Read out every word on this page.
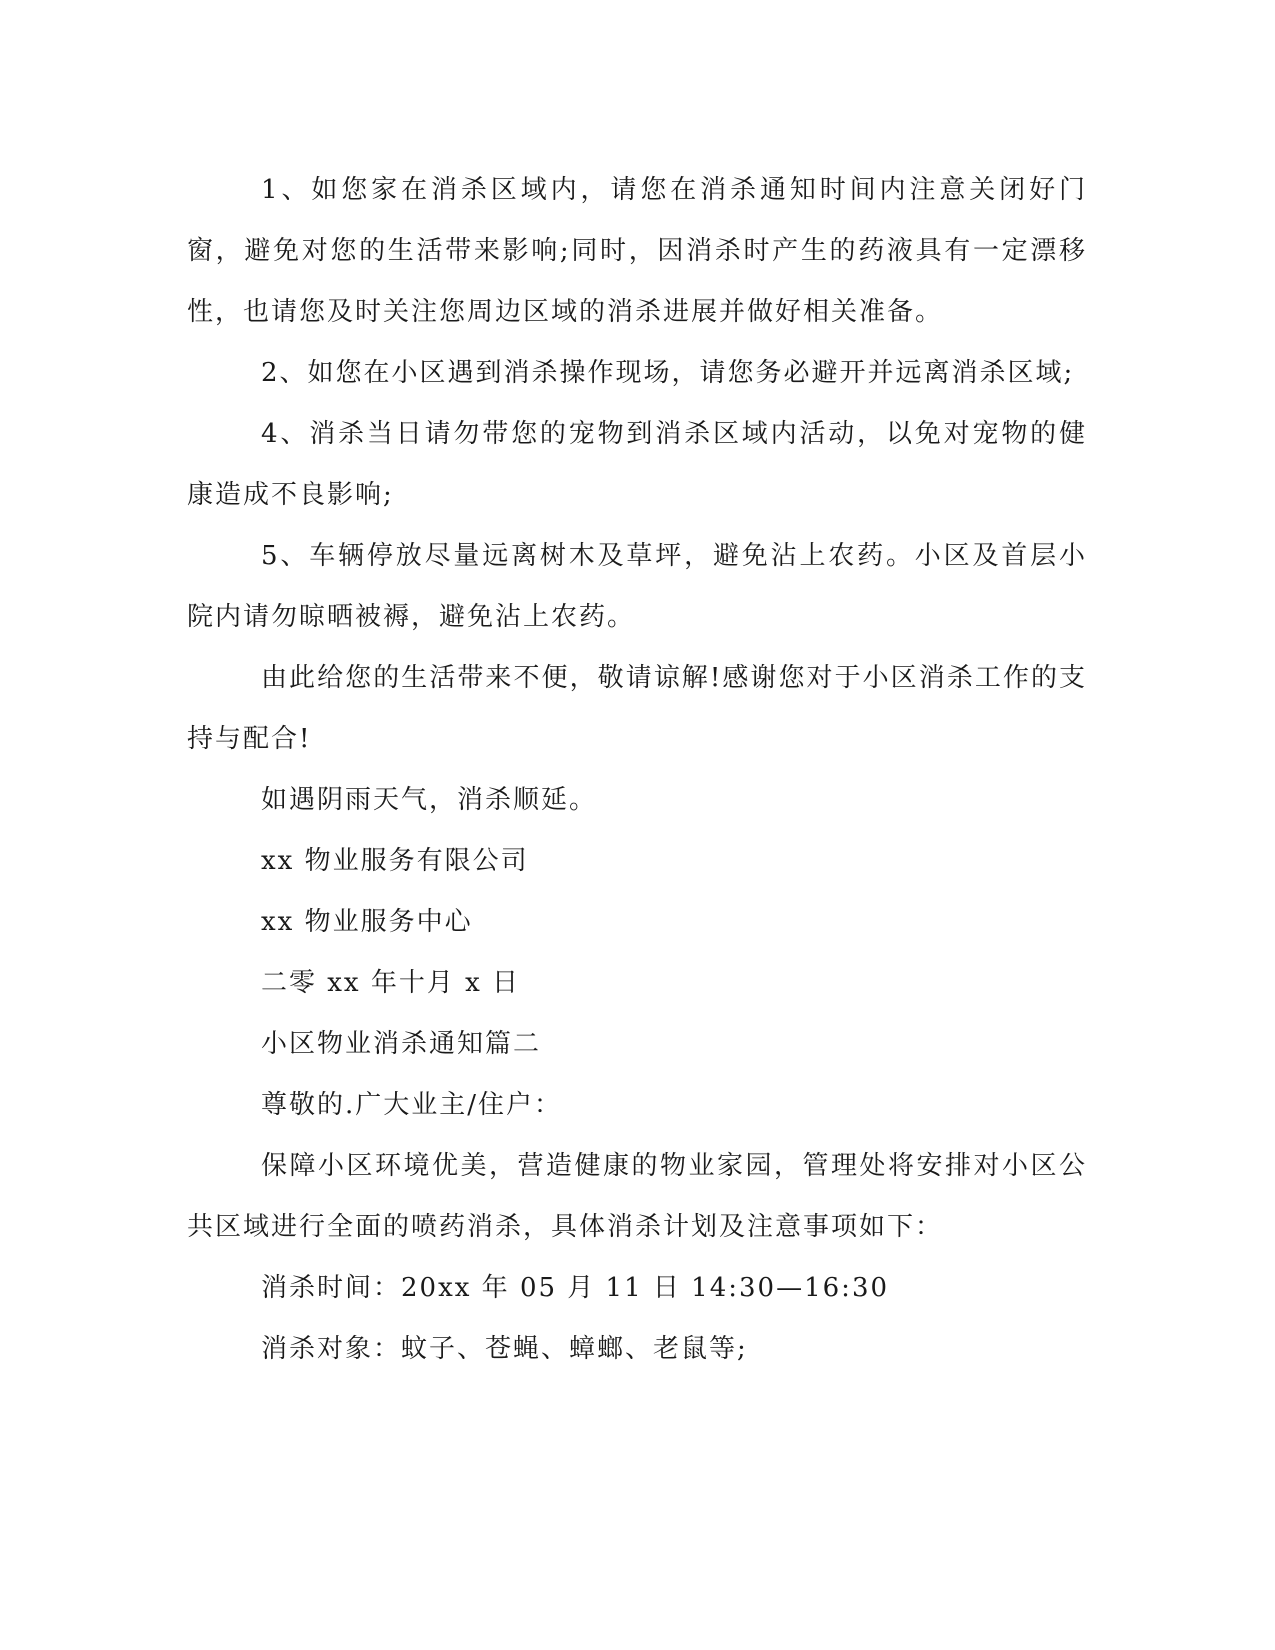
1、如您家在消杀区域内，请您在消杀通知时间内注意关闭好门窗，避免对您的生活带来影响;同时，因消杀时产生的药液具有一定漂移性，也请您及时关注您周边区域的消杀进展并做好相关准备。

2、如您在小区遇到消杀操作现场，请您务必避开并远离消杀区域;

4、消杀当日请勿带您的宠物到消杀区域内活动，以免对宠物的健康造成不良影响;

5、车辆停放尽量远离树木及草坪，避免沾上农药。小区及首层小院内请勿晾晒被褥，避免沾上农药。

由此给您的生活带来不便，敬请谅解!感谢您对于小区消杀工作的支持与配合!

如遇阴雨天气，消杀顺延。

xx 物业服务有限公司

xx 物业服务中心

二零 xx 年十月 x 日

小区物业消杀通知篇二

尊敬的.广大业主/住户：

保障小区环境优美，营造健康的物业家园，管理处将安排对小区公共区域进行全面的喷药消杀，具体消杀计划及注意事项如下：

消杀时间：20xx 年 05 月 11 日 14:30—16:30

消杀对象：蚊子、苍蝇、蟑螂、老鼠等;
